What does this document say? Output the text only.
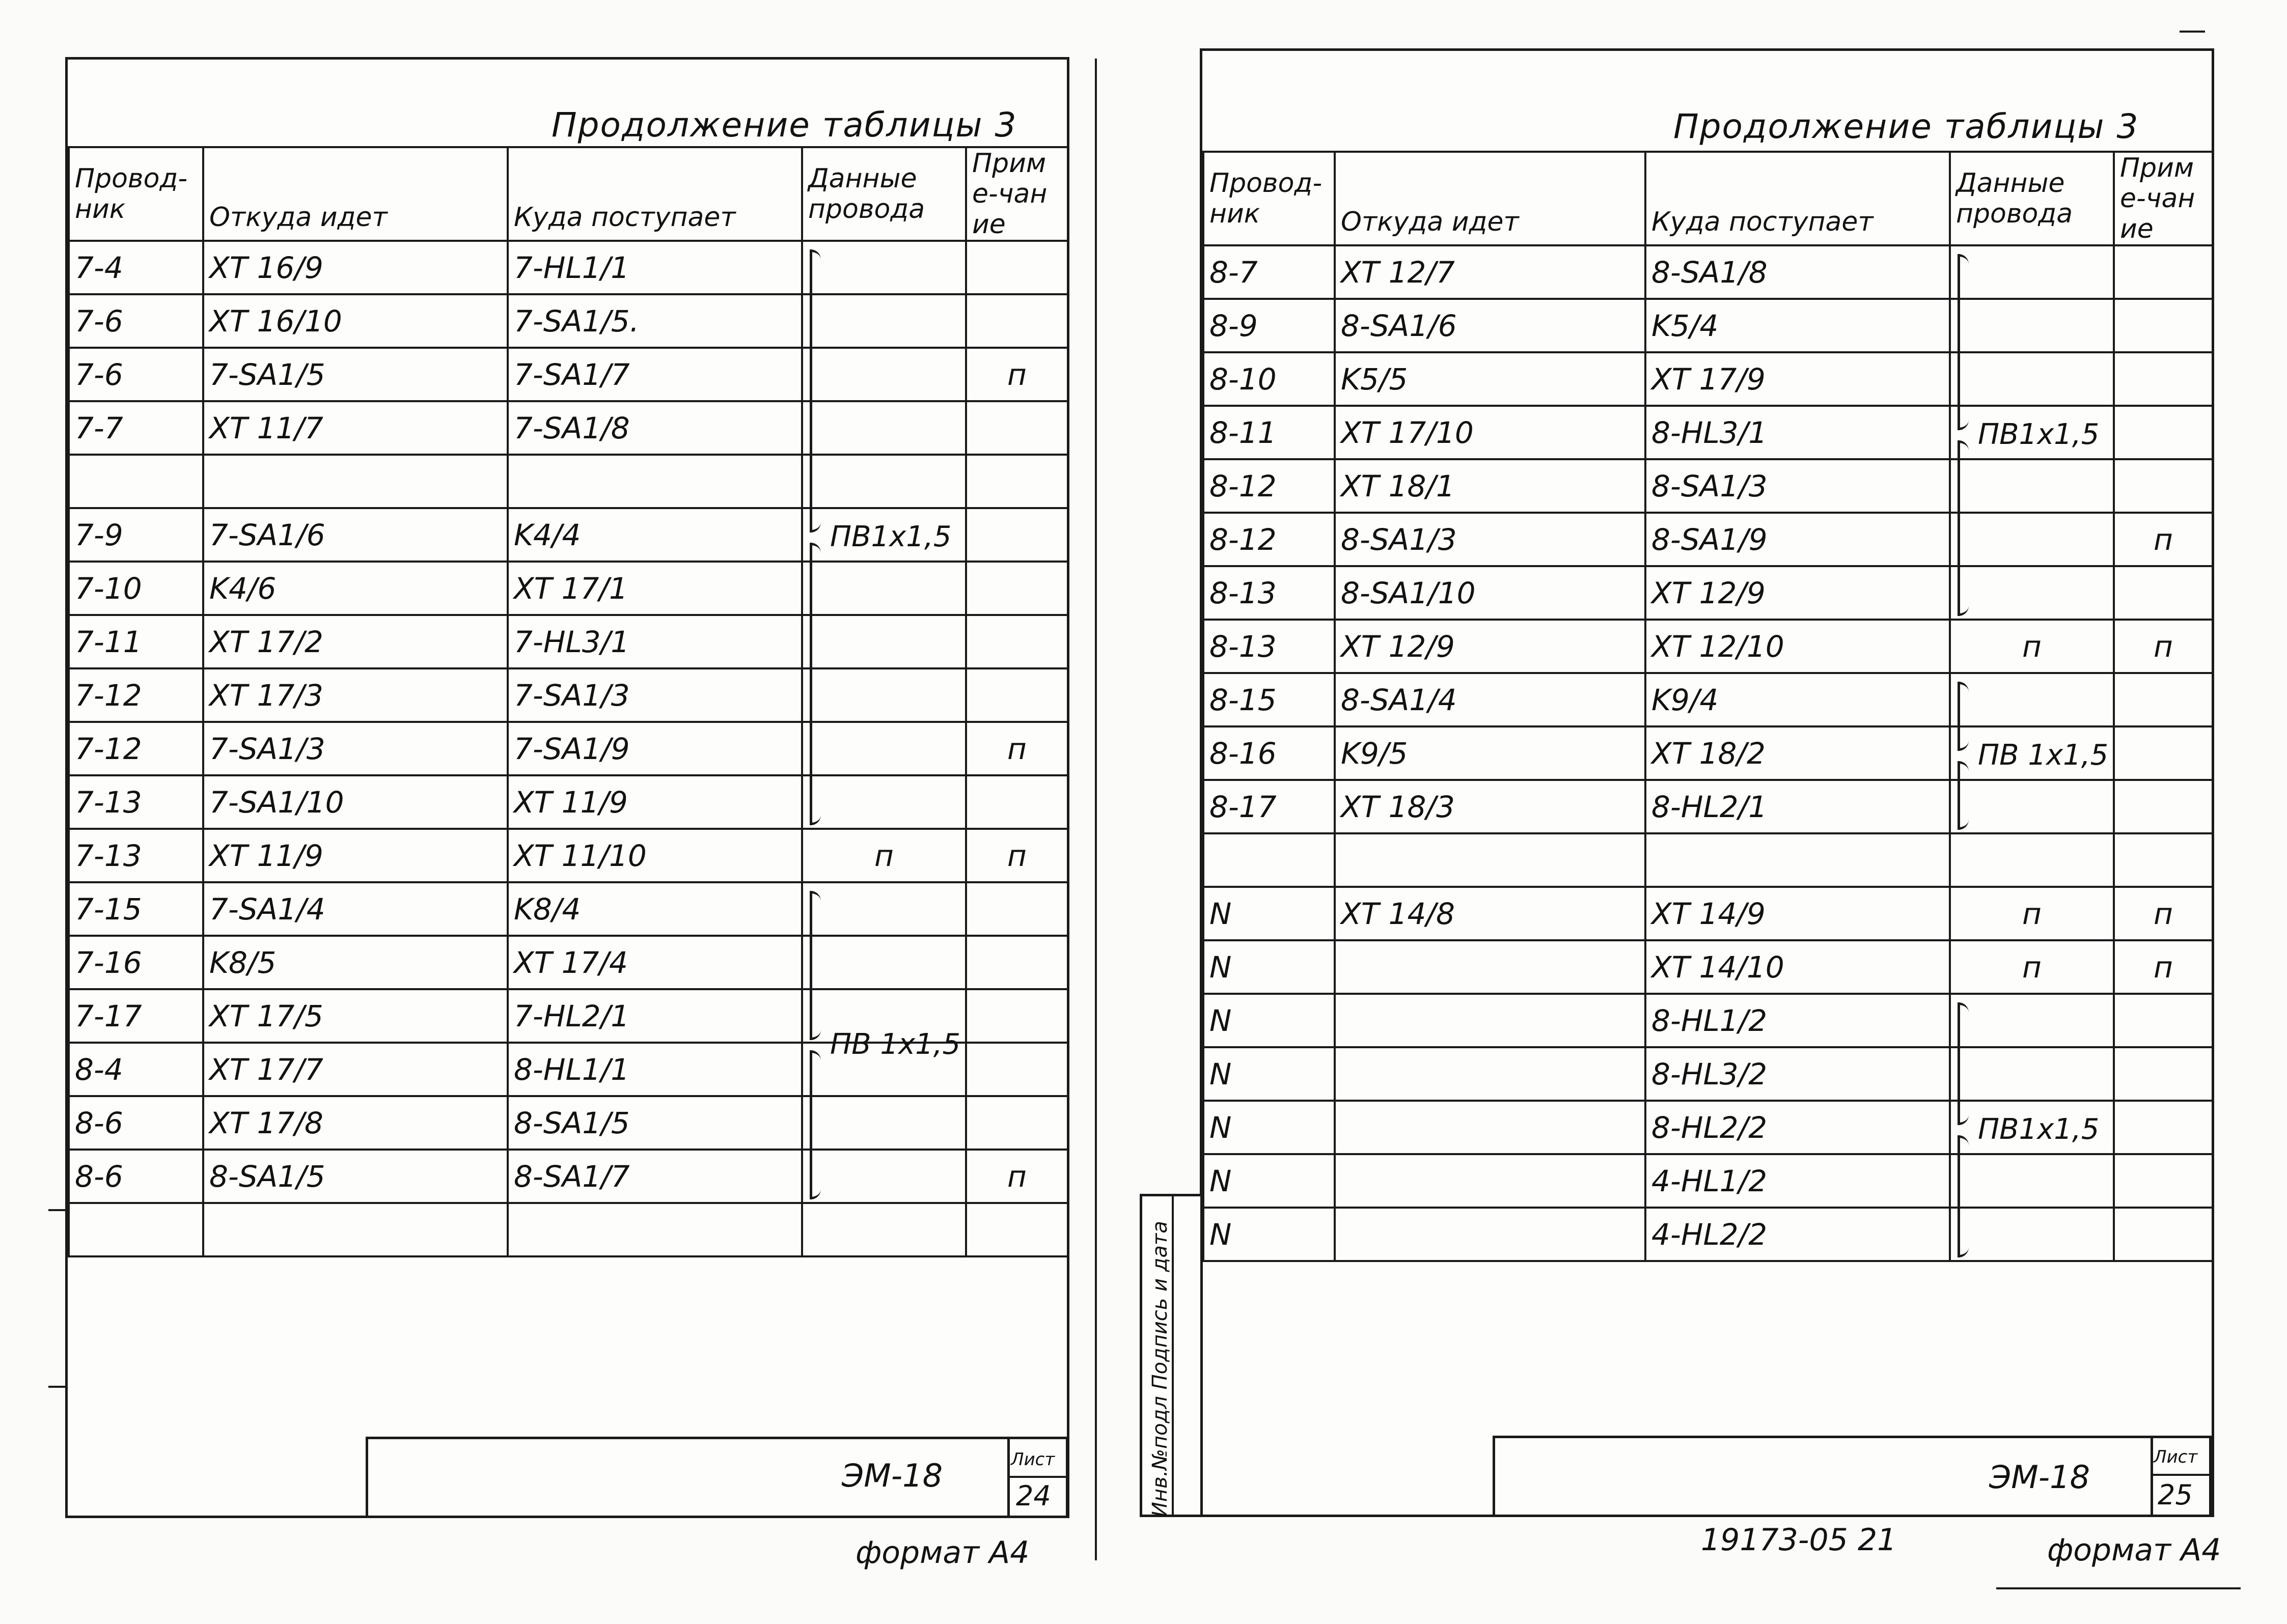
Продолжение таблицы 3
Провод-ник	Откуда идет	Куда поступает	Данные провода	Приме-чание
7-4	XT 16/9	7-HL1/1		
7-6	XT 16/10	7-SA1/5.		
7-6	7-SA1/5	7-SA1/7		п
7-7	XT 11/7	7-SA1/8		

7-9	7-SA1/6	K4/4		
7-10	K4/6	XT 17/1		
7-11	XT 17/2	7-HL3/1		
7-12	XT 17/3	7-SA1/3		
7-12	7-SA1/3	7-SA1/9		п
7-13	7-SA1/10	XT 11/9		
7-13	XT 11/9	XT 11/10	п	п
7-15	7-SA1/4	K8/4		
7-16	K8/5	XT 17/4		
7-17	XT 17/5	7-HL2/1		
8-4	XT 17/7	8-HL1/1		
8-6	XT 17/8	8-SA1/5		
8-6	8-SA1/5	8-SA1/7		п

ЭМ-18	Лист
24
ПВ1х1,5
ПВ 1х1,5
формат А4
Продолжение таблицы 3
Провод-ник	Откуда идет	Куда поступает	Данные провода	Приме-чание
8-7	XT 12/7	8-SA1/8		
8-9	8-SA1/6	K5/4		
8-10	K5/5	XT 17/9		
8-11	XT 17/10	8-HL3/1		
8-12	XT 18/1	8-SA1/3		
8-12	8-SA1/3	8-SA1/9		п
8-13	8-SA1/10	XT 12/9		
8-13	XT 12/9	XT 12/10	п	п
8-15	8-SA1/4	K9/4		
8-16	K9/5	XT 18/2		
8-17	XT 18/3	8-HL2/1		

N	XT 14/8	XT 14/9	п	п
N		XT 14/10	п	п
N		8-HL1/2		
N		8-HL3/2		
N		8-HL2/2		
N		4-HL1/2		
N		4-HL2/2		
ЭМ-18
Лист
25
ПВ1х1,5
ПВ 1х1,5
ПВ1х1,5
19173-05 21	формат А4
Инв.№подл Подпись и дата
